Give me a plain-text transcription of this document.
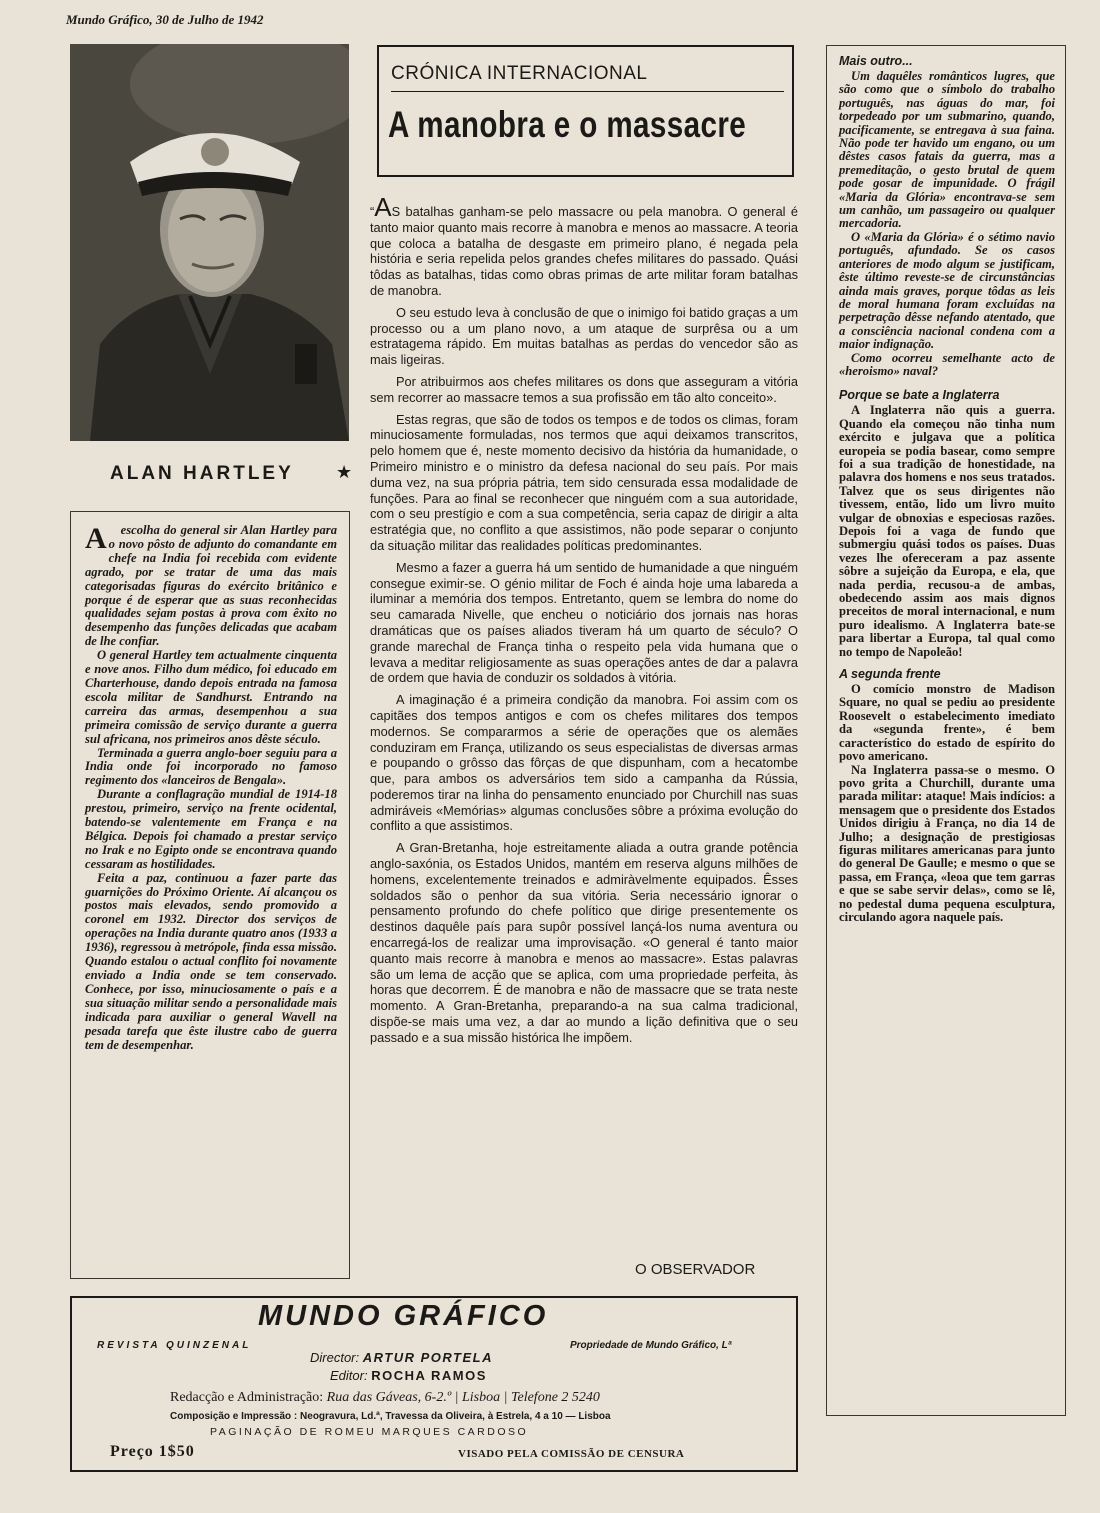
Mundo Gráfico, 30 de Julho de 1942
ALAN HARTLEY ★

A escolha do general sir Alan Hartley para o novo pôsto de adjunto do comandante em chefe na India foi recebida com evidente agrado, por se tratar de uma das mais categorisadas figuras do exército britânico e porque é de esperar que as suas reconhecidas qualidades sejam postas à prova com êxito no desempenho das funções delicadas que acabam de lhe confiar.

O general Hartley tem actualmente cinquenta e nove anos. Filho dum médico, foi educado em Charterhouse, dando depois entrada na famosa escola militar de Sandhurst. Entrando na carreira das armas, desempenhou a sua primeira comissão de serviço durante a guerra sul africana, nos primeiros anos dêste século.

Terminada a guerra anglo-boer seguiu para a India onde foi incorporado no famoso regimento dos «lanceiros de Bengala».

Durante a conflagração mundial de 1914-18 prestou, primeiro, serviço na frente ocidental, batendo-se valentemente em França e na Bélgica. Depois foi chamado a prestar serviço no Irak e no Egipto onde se encontrava quando cessaram as hostilidades.

Feita a paz, continuou a fazer parte das guarnições do Próximo Oriente. Aí alcançou os postos mais elevados, sendo promovido a coronel em 1932. Director dos serviços de operações na India durante quatro anos (1933 a 1936), regressou à metrópole, finda essa missão. Quando estalou o actual conflito foi novamente enviado a India onde se tem conservado. Conhece, por isso, minuciosamente o país e a sua situação militar sendo a personalidade mais indicada para auxiliar o general Wavell na pesada tarefa que êste ilustre cabo de guerra tem de desempenhar.

CRÓNICA INTERNACIONAL
A manobra e o massacre

“AS batalhas ganham-se pelo massacre ou pela manobra. O general é tanto maior quanto mais recorre à manobra e menos ao massacre. A teoria que coloca a batalha de desgaste em primeiro plano, é negada pela história e seria repelida pelos grandes chefes militares do passado. Quási tôdas as batalhas, tidas como obras primas de arte militar foram batalhas de manobra.

O seu estudo leva à conclusão de que o inimigo foi batido graças a um processo ou a um plano novo, a um ataque de surprêsa ou a um estratagema rápido. Em muitas batalhas as perdas do vencedor são as mais ligeiras.

Por atribuirmos aos chefes militares os dons que asseguram a vitória sem recorrer ao massacre temos a sua profissão em tão alto conceito».

Estas regras, que são de todos os tempos e de todos os climas, foram minuciosamente formuladas, nos termos que aqui deixamos transcritos, pelo homem que é, neste momento decisivo da história da humanidade, o Primeiro ministro e o ministro da defesa nacional do seu país. Por mais duma vez, na sua própria pátria, tem sido censurada essa modalidade de funções. Para ao final se reconhecer que ninguém com a sua autoridade, com o seu prestígio e com a sua competência, seria capaz de dirigir a alta estratégia que, no conflito a que assistimos, não pode separar o conjunto da situação militar das realidades políticas predominantes.

Mesmo a fazer a guerra há um sentido de humanidade a que ninguém consegue eximir-se. O génio militar de Foch é ainda hoje uma labareda a iluminar a memória dos tempos. Entretanto, quem se lembra do nome do seu camarada Nivelle, que encheu o noticiário dos jornais nas horas dramáticas que os países aliados tiveram há um quarto de século? O grande marechal de França tinha o respeito pela vida humana que o levava a meditar religiosamente as suas operações antes de dar a palavra de ordem que havia de conduzir os soldados à vitória.

A imaginação é a primeira condição da manobra. Foi assim com os capitães dos tempos antigos e com os chefes militares dos tempos modernos. Se compararmos a série de operações que os alemães conduziram em França, utilizando os seus especialistas de diversas armas e poupando o grôsso das fôrças de que dispunham, com a hecatombe que, para ambos os adversários tem sido a campanha da Rússia, poderemos tirar na linha do pensamento enunciado por Churchill nas suas admiráveis «Memórias» algumas conclusões sôbre a próxima evolução do conflito a que assistimos.

A Gran-Bretanha, hoje estreitamente aliada a outra grande potência anglo-saxónia, os Estados Unidos, mantém em reserva alguns milhões de homens, excelentemente treinados e admiràvelmente equipados. Êsses soldados são o penhor da sua vitória. Seria necessário ignorar o pensamento profundo do chefe político que dirige presentemente os destinos daquêle país para supôr possível lançá-los numa aventura ou encarregá-los de realizar uma improvisação. «O general é tanto maior quanto mais recorre à manobra e menos ao massacre». Estas palavras são um lema de acção que se aplica, com uma propriedade perfeita, às horas que decorrem. É de manobra e não de massacre que se trata neste momento. A Gran-Bretanha, preparando-a na sua calma tradicional, dispõe-se mais uma vez, a dar ao mundo a lição definitiva que o seu passado e a sua missão histórica lhe impõem.

O OBSERVADOR
Mais outro...

Um daquêles românticos lugres, que são como que o símbolo do trabalho português, nas águas do mar, foi torpedeado por um submarino, quando, pacificamente, se entregava à sua faina. Não pode ter havido um engano, ou um dêstes casos fatais da guerra, mas a premeditação, o gesto brutal de quem pode gosar de impunidade. O frágil «Maria da Glória» encontrava-se sem um canhão, um passageiro ou qualquer mercadoria.

O «Maria da Glória» é o sétimo navio português, afundado. Se os casos anteriores de modo algum se justificam, êste último reveste-se de circunstâncias ainda mais graves, porque tôdas as leis de moral humana foram excluídas na perpetração dêsse nefando atentado, que a consciência nacional condena com a maior indignação.

Como ocorreu semelhante acto de «heroismo» naval?

Porque se bate a Inglaterra

A Inglaterra não quis a guerra. Quando ela começou não tinha num exército e julgava que a política europeia se podia basear, como sempre foi a sua tradição de honestidade, na palavra dos homens e nos seus tratados. Talvez que os seus dirigentes não tivessem, então, lido um livro muito vulgar de obnoxias e especiosas razões. Depois foi a vaga de fundo que submergiu quási todos os países. Duas vezes lhe ofereceram a paz assente sôbre a sujeição da Europa, e ela, que nada perdia, recusou-a de ambas, obedecendo assim aos mais dignos preceitos de moral internacional, e num puro idealismo. A Inglaterra bate-se para libertar a Europa, tal qual como no tempo de Napoleão!

A segunda frente

O comício monstro de Madison Square, no qual se pediu ao presidente Roosevelt o estabelecimento imediato da «segunda frente», é bem característico do estado de espírito do povo americano.

Na Inglaterra passa-se o mesmo. O povo grita a Churchill, durante uma parada militar: ataque! Mais indícios: a mensagem que o presidente dos Estados Unidos dirigiu à França, no dia 14 de Julho; a designação de prestigiosas figuras militares americanas para junto do general De Gaulle; e mesmo o que se passa, em França, «leoa que tem garras e que se sabe servir delas», como se lê, no pedestal duma pequena esculptura, circulando agora naquele país.

MUNDO GRÁFICO
REVISTA QUINZENAL	Propriedade de Mundo Gráfico, Lª
Director: ARTUR PORTELA
Editor: ROCHA RAMOS
Redacção e Administração: Rua das Gáveas, 6-2.º | Lisboa | Telefone 2 5240
Composição e Impressão : Neogravura, Ld.ª, Travessa da Oliveira, à Estrela, 4 a 10 — Lisboa
PAGINAÇÃO DE ROMEU MARQUES CARDOSO
Preço 1$50	VISADO PELA COMISSÃO DE CENSURA
